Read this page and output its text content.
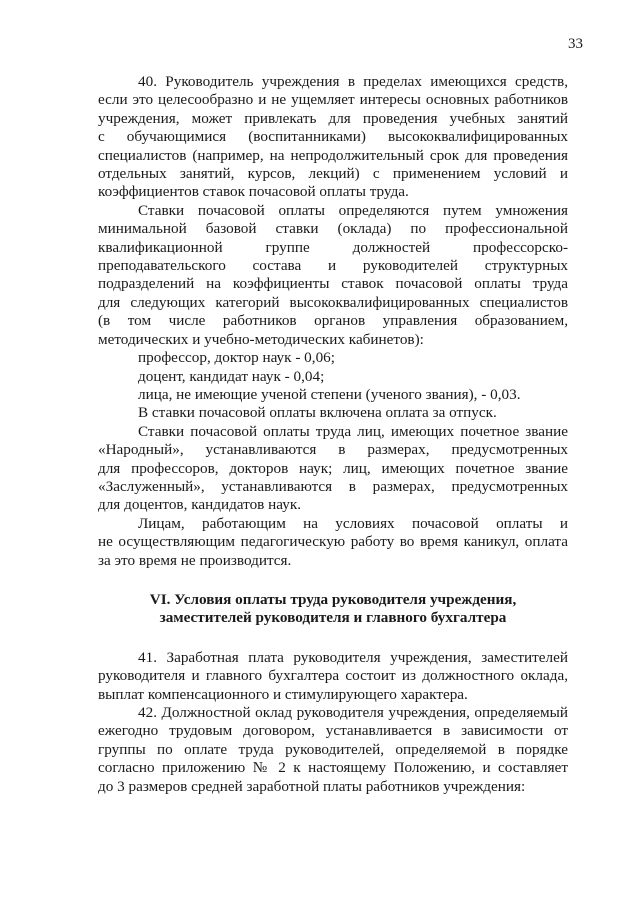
33

40. Руководитель учреждения в пределах имеющихся средств,
если это целесообразно и не ущемляет интересы основных работников
учреждения, может привлекать для проведения учебных занятий
с обучающимися (воспитанниками) высококвалифицированных
специалистов (например, на непродолжительный срок для проведения
отдельных занятий, курсов, лекций) с применением условий и
коэффициентов ставок почасовой оплаты труда.

Ставки почасовой оплаты определяются путем умножения
минимальной базовой ставки (оклада) по профессиональной
квалификационной группе должностей профессорско-
преподавательского состава и руководителей структурных
подразделений на коэффициенты ставок почасовой оплаты труда
для следующих категорий высококвалифицированных специалистов
(в том числе работников органов управления образованием,
методических и учебно-методических кабинетов):

профессор, доктор наук - 0,06;

доцент, кандидат наук - 0,04;

лица, не имеющие ученой степени (ученого звания), - 0,03.

В ставки почасовой оплаты включена оплата за отпуск.

Ставки почасовой оплаты труда лиц, имеющих почетное звание
«Народный», устанавливаются в размерах, предусмотренных
для профессоров, докторов наук; лиц, имеющих почетное звание
«Заслуженный», устанавливаются в размерах, предусмотренных
для доцентов, кандидатов наук.

Лицам, работающим на условиях почасовой оплаты и
не осуществляющим педагогическую работу во время каникул, оплата
за это время не производится.

VI. Условия оплаты труда руководителя учреждения,
заместителей руководителя и главного бухгалтера

41. Заработная плата руководителя учреждения, заместителей
руководителя и главного бухгалтера состоит из должностного оклада,
выплат компенсационного и стимулирующего характера.

42. Должностной оклад руководителя учреждения, определяемый
ежегодно трудовым договором, устанавливается в зависимости от
группы по оплате труда руководителей, определяемой в порядке
согласно приложению № 2 к настоящему Положению, и составляет
до 3 размеров средней заработной платы работников учреждения:
